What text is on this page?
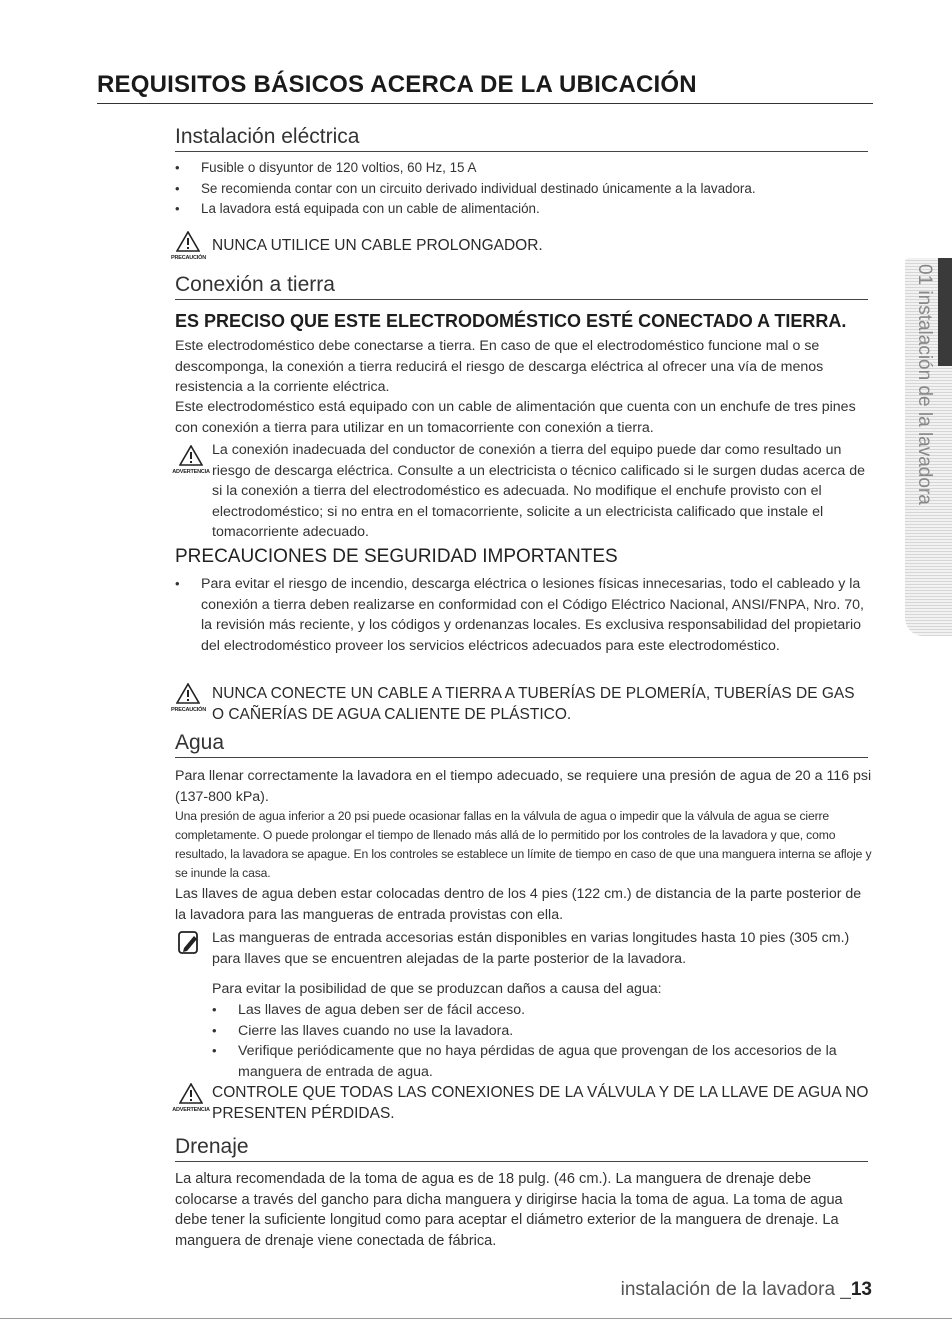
REQUISITOS BÁSICOS ACERCA DE LA UBICACIÓN
Instalación eléctrica
• Fusible o disyuntor de 120 voltios, 60 Hz, 15 A
• Se recomienda contar con un circuito derivado individual destinado únicamente a la lavadora.
• La lavadora está equipada con un cable de alimentación.
PRECAUCIÓN
NUNCA UTILICE UN CABLE PROLONGADOR.
Conexión a tierra
ES PRECISO QUE ESTE ELECTRODOMÉSTICO ESTÉ CONECTADO A TIERRA.

Este electrodoméstico debe conectarse a tierra. En caso de que el electrodoméstico funcione mal o se descomponga, la conexión a tierra reducirá el riesgo de descarga eléctrica al ofrecer una vía de menos resistencia a la corriente eléctrica.

Este electrodoméstico está equipado con un cable de alimentación que cuenta con un enchufe de tres pines con conexión a tierra para utilizar en un tomacorriente con conexión a tierra.

ADVERTENCIA

La conexión inadecuada del conductor de conexión a tierra del equipo puede dar como resultado un riesgo de descarga eléctrica. Consulte a un electricista o técnico calificado si le surgen dudas acerca de si la conexión a tierra del electrodoméstico es adecuada. No modifique el enchufe provisto con el electrodoméstico; si no entra en el tomacorriente, solicite a un electricista calificado que instale el tomacorriente adecuado.

PRECAUCIONES DE SEGURIDAD IMPORTANTES
• Para evitar el riesgo de incendio, descarga eléctrica o lesiones físicas innecesarias, todo el cableado y la conexión a tierra deben realizarse en conformidad con el Código Eléctrico Nacional, ANSI/FNPA, Nro. 70, la revisión más reciente, y los códigos y ordenanzas locales. Es exclusiva responsabilidad del propietario del electrodoméstico proveer los servicios eléctricos adecuados para este electrodoméstico.
PRECAUCIÓN
NUNCA CONECTE UN CABLE A TIERRA A TUBERÍAS DE PLOMERÍA, TUBERÍAS DE GAS O CAÑERÍAS DE AGUA CALIENTE DE PLÁSTICO.
Agua

Para llenar correctamente la lavadora en el tiempo adecuado, se requiere una presión de agua de 20 a 116 psi (137-800 kPa).

Una presión de agua inferior a 20 psi puede ocasionar fallas en la válvula de agua o impedir que la válvula de agua se cierre completamente. O puede prolongar el tiempo de llenado más allá de lo permitido por los controles de la lavadora y que, como resultado, la lavadora se apague. En los controles se establece un límite de tiempo en caso de que una manguera interna se afloje y se inunde la casa.

Las llaves de agua deben estar colocadas dentro de los 4 pies (122 cm.) de distancia de la parte posterior de la lavadora para las mangueras de entrada provistas con ella.

Las mangueras de entrada accesorias están disponibles en varias longitudes hasta 10 pies (305 cm.) para llaves que se encuentren alejadas de la parte posterior de la lavadora.

Para evitar la posibilidad de que se produzcan daños a causa del agua:

• Las llaves de agua deben ser de fácil acceso.
• Cierre las llaves cuando no use la lavadora.
• Verifique periódicamente que no haya pérdidas de agua que provengan de los accesorios de la manguera de entrada de agua.
ADVERTENCIA
CONTROLE QUE TODAS LAS CONEXIONES DE LA VÁLVULA Y DE LA LLAVE DE AGUA NO PRESENTEN PÉRDIDAS.
Drenaje

La altura recomendada de la toma de agua es de 18 pulg. (46 cm.). La manguera de drenaje debe colocarse a través del gancho para dicha manguera y dirigirse hacia la toma de agua. La toma de agua debe tener la suficiente longitud como para aceptar el diámetro exterior de la manguera de drenaje. La manguera de drenaje viene conectada de fábrica.

instalación de la lavadora _13
01 instalación de la lavadora
